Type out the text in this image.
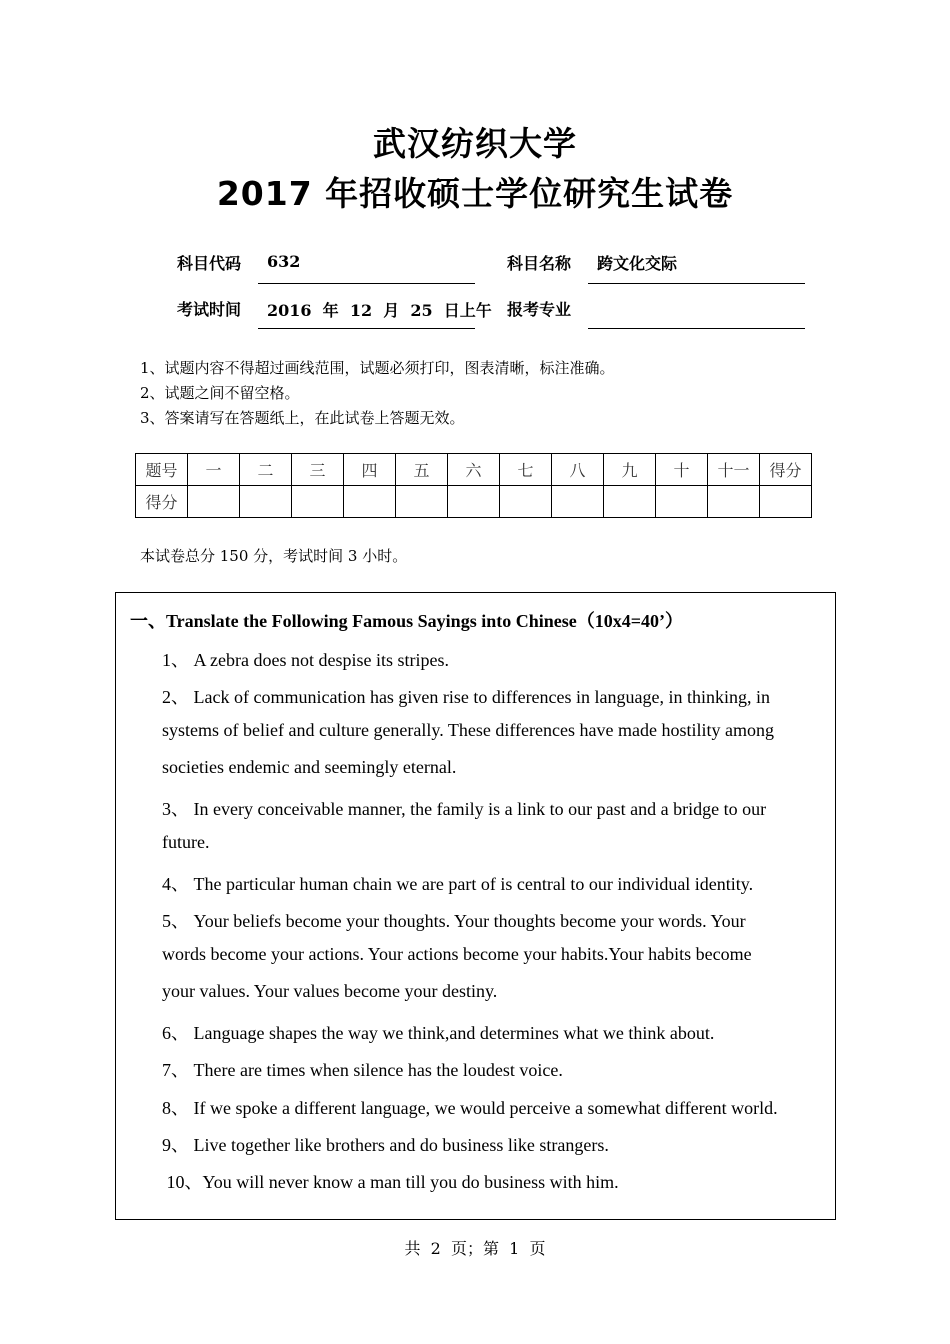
武汉纺织大学
2017 年招收硕士学位研究生试卷
科目代码 632	科目名称 跨文化交际
考试时间 2016  年  12  月  25  日上午 报考专业
1、试题内容不得超过画线范围，试题必须打印，图表清晰，标注准确。
2、试题之间不留空格。
3、答案请写在答题纸上，在此试卷上答题无效。
题号	一	二	三	四	五	六	七	八	九	十	十一	得分
得分												
本试卷总分 150 分，考试时间 3 小时。
一、Translate the Following Famous Sayings into Chinese（10x4=40’）
1、 A zebra does not despise its stripes.
2、 Lack of communication has given rise to differences in language, in thinking, in
systems of belief and culture generally. These differences have made hostility among
societies endemic and seemingly eternal.
3、 In every conceivable manner, the family is a link to our past and a bridge to our
future.
4、 The particular human chain we are part of is central to our individual identity.
5、 Your beliefs become your thoughts. Your thoughts become your words. Your
words become your actions. Your actions become your habits.Your habits become
your values. Your values become your destiny.
6、 Language shapes the way we think,and determines what we think about.
7、 There are times when silence has the loudest voice.
8、 If we spoke a different language, we would perceive a somewhat different world.
9、 Live together like brothers and do business like strangers.
10、You will never know a man till you do business with him.
共  2  页；第  1  页
